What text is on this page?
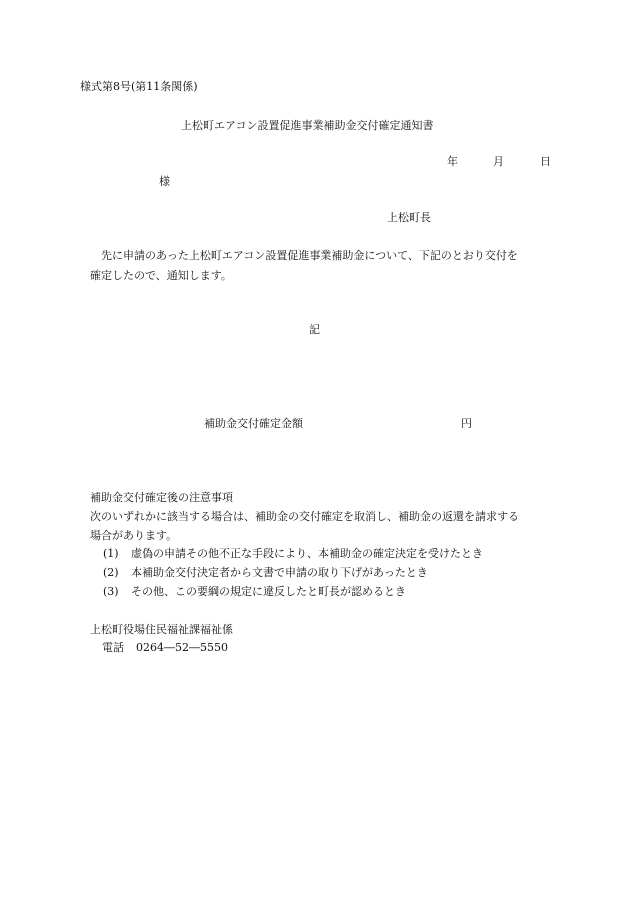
様式第8号(第11条関係)
上松町エアコン設置促進事業補助金交付確定通知書
年	月	日
様
上松町長
先に申請のあった上松町エアコン設置促進事業補助金について、下記のとおり交付を
確定したので、通知します。
記
補助金交付確定金額	円
補助金交付確定後の注意事項
次のいずれかに該当する場合は、補助金の交付確定を取消し、補助金の返還を請求する
場合があります。
(1) 虚偽の申請その他不正な手段により、本補助金の確定決定を受けたとき
(2) 本補助金交付決定者から文書で申請の取り下げがあったとき
(3) その他、この要綱の規定に違反したと町長が認めるとき
上松町役場住民福祉課福祉係
電話 0264―52―5550
